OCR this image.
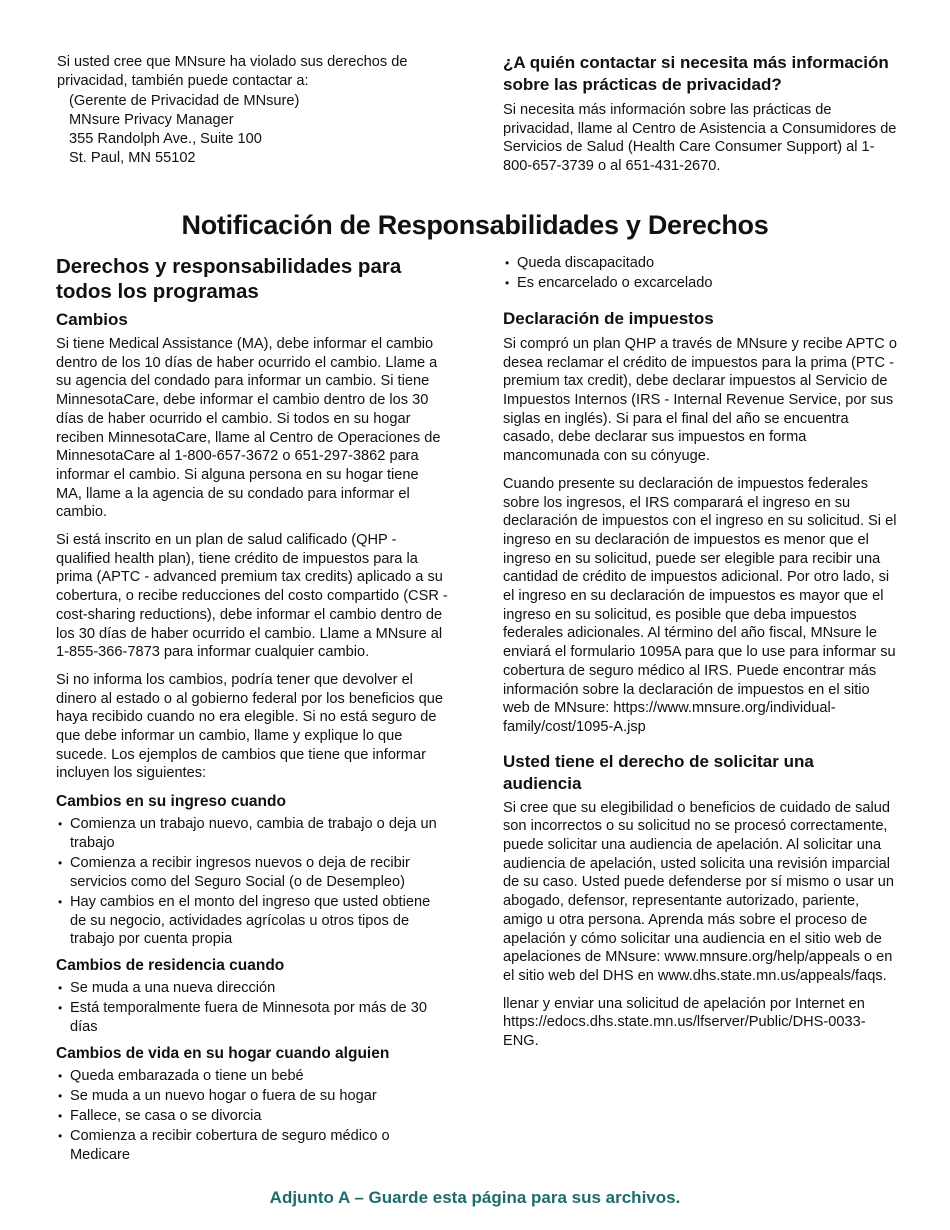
Si usted cree que MNsure ha violado sus derechos de privacidad, también puede contactar a:

(Gerente de Privacidad de MNsure)
MNsure Privacy Manager
355 Randolph Ave., Suite 100
St. Paul, MN 55102
¿A quién contactar si necesita más información sobre las prácticas de privacidad?

Si necesita más información sobre las prácticas de privacidad, llame al Centro de Asistencia a Consumidores de Servicios de Salud (Health Care Consumer Support) al 1-800-657-3739 o al 651-431-2670.

Notificación de Responsabilidades y Derechos
Derechos y responsabilidades para todos los programas
Cambios

Si tiene Medical Assistance (MA), debe informar el cambio dentro de los 10 días de haber ocurrido el cambio. Llame a su agencia del condado para informar un cambio. Si tiene MinnesotaCare, debe informar el cambio dentro de los 30 días de haber ocurrido el cambio. Si todos en su hogar reciben MinnesotaCare, llame al Centro de Operaciones de MinnesotaCare al 1-800-657-3672 o 651-297-3862 para informar el cambio. Si alguna persona en su hogar tiene MA, llame a la agencia de su condado para informar el cambio.

Si está inscrito en un plan de salud calificado (QHP - qualified health plan), tiene crédito de impuestos para la prima (APTC - advanced premium tax credits) aplicado a su cobertura, o recibe reducciones del costo compartido (CSR - cost-sharing reductions), debe informar el cambio dentro de los 30 días de haber ocurrido el cambio. Llame a MNsure al 1-855-366-7873 para informar cualquier cambio.

Si no informa los cambios, podría tener que devolver el dinero al estado o al gobierno federal por los beneficios que haya recibido cuando no era elegible. Si no está seguro de que debe informar un cambio, llame y explique lo que sucede. Los ejemplos de cambios que tiene que informar incluyen los siguientes:

Cambios en su ingreso cuando
• Comienza un trabajo nuevo, cambia de trabajo o deja un trabajo
• Comienza a recibir ingresos nuevos o deja de recibir servicios como del Seguro Social (o de Desempleo)
• Hay cambios en el monto del ingreso que usted obtiene de su negocio, actividades agrícolas u otros tipos de trabajo por cuenta propia
Cambios de residencia cuando
• Se muda a una nueva dirección
• Está temporalmente fuera de Minnesota por más de 30 días
Cambios de vida en su hogar cuando alguien
• Queda embarazada o tiene un bebé
• Se muda a un nuevo hogar o fuera de su hogar
• Fallece, se casa o se divorcia
• Comienza a recibir cobertura de seguro médico o Medicare
• Queda discapacitado
• Es encarcelado o excarcelado
Declaración de impuestos

Si compró un plan QHP a través de MNsure y recibe APTC o desea reclamar el crédito de impuestos para la prima (PTC - premium tax credit), debe declarar impuestos al Servicio de Impuestos Internos (IRS - Internal Revenue Service, por sus siglas en inglés). Si para el final del año se encuentra casado, debe declarar sus impuestos en forma mancomunada con su cónyuge.

Cuando presente su declaración de impuestos federales sobre los ingresos, el IRS comparará el ingreso en su declaración de impuestos con el ingreso en su solicitud. Si el ingreso en su declaración de impuestos es menor que el ingreso en su solicitud, puede ser elegible para recibir una cantidad de crédito de impuestos adicional. Por otro lado, si el ingreso en su declaración de impuestos es mayor que el ingreso en su solicitud, es posible que deba impuestos federales adicionales. Al término del año fiscal, MNsure le enviará el formulario 1095A para que lo use para informar su cobertura de seguro médico al IRS. Puede encontrar más información sobre la declaración de impuestos en el sitio web de MNsure: https://www.mnsure.org/individual-family/cost/1095-A.jsp

Usted tiene el derecho de solicitar una audiencia

Si cree que su elegibilidad o beneficios de cuidado de salud son incorrectos o su solicitud no se procesó correctamente, puede solicitar una audiencia de apelación. Al solicitar una audiencia de apelación, usted solicita una revisión imparcial de su caso. Usted puede defenderse por sí mismo o usar un abogado, defensor, representante autorizado, pariente, amigo u otra persona. Aprenda más sobre el proceso de apelación y cómo solicitar una audiencia en el sitio web de apelaciones de MNsure: www.mnsure.org/help/appeals o en el sitio web del DHS en www.dhs.state.mn.us/appeals/faqs.

llenar y enviar una solicitud de apelación por Internet en https://edocs.dhs.state.mn.us/lfserver/Public/DHS-0033-ENG.

Adjunto A – Guarde esta página para sus archivos.
